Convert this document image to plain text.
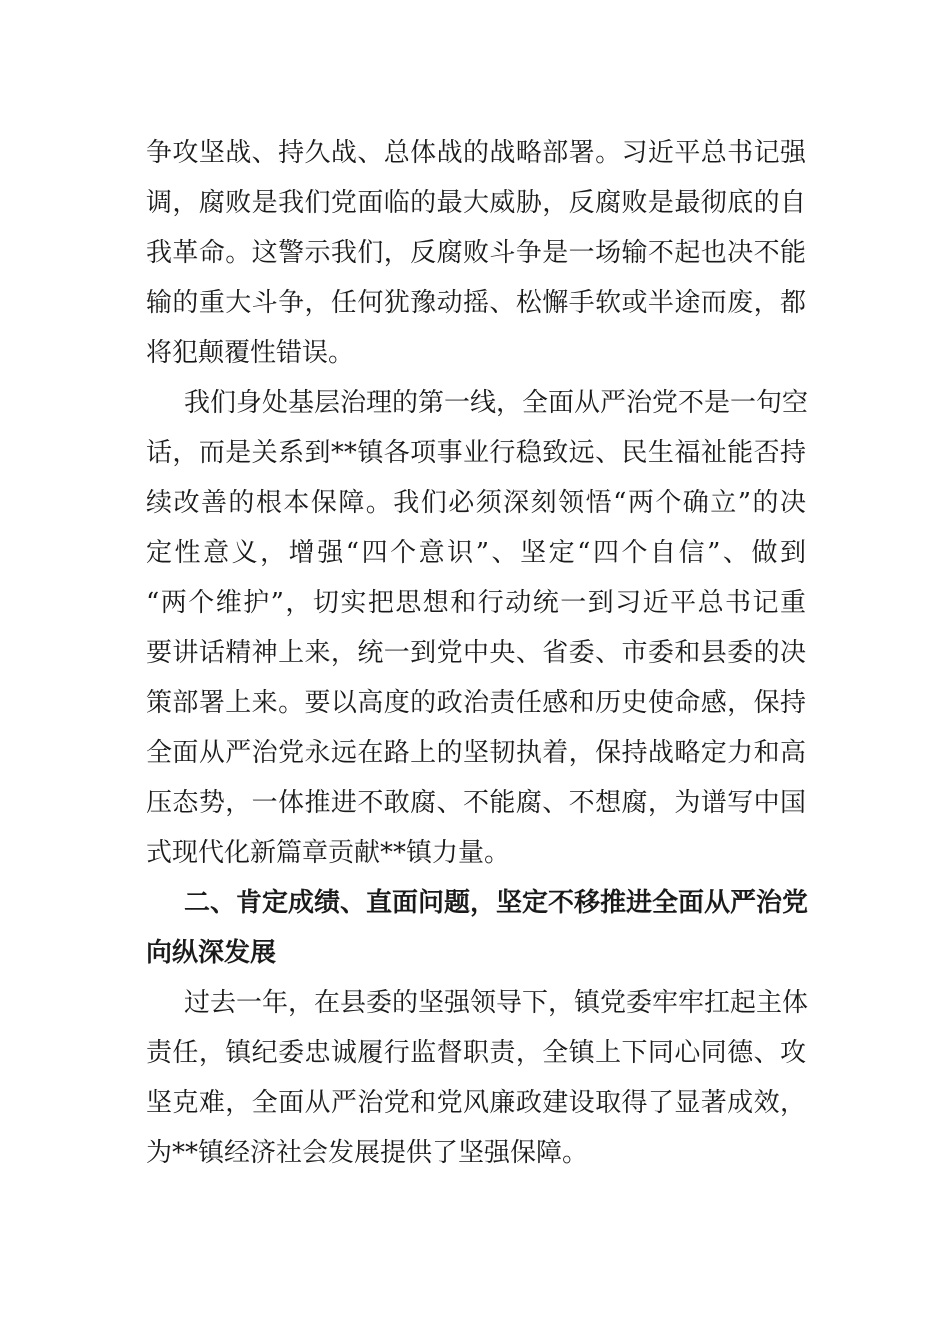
争攻坚战、持久战、总体战的战略部署。习近平总书记强
调，腐败是我们党面临的最大威胁，反腐败是最彻底的自
我革命。这警示我们，反腐败斗争是一场输不起也决不能
输的重大斗争，任何犹豫动摇、松懈手软或半途而废，都
将犯颠覆性错误。
我们身处基层治理的第一线，全面从严治党不是一句空
话，而是关系到**镇各项事业行稳致远、民生福祉能否持
续改善的根本保障。我们必须深刻领悟“两个确立”的决
定性意义，增强“四个意识”、坚定“四个自信”、做到
“两个维护”，切实把思想和行动统一到习近平总书记重
要讲话精神上来，统一到党中央、省委、市委和县委的决
策部署上来。要以高度的政治责任感和历史使命感，保持
全面从严治党永远在路上的坚韧执着，保持战略定力和高
压态势，一体推进不敢腐、不能腐、不想腐，为谱写中国
式现代化新篇章贡献**镇力量。
二、肯定成绩、直面问题，坚定不移推进全面从严治党
向纵深发展
过去一年，在县委的坚强领导下，镇党委牢牢扛起主体
责任，镇纪委忠诚履行监督职责，全镇上下同心同德、攻
坚克难，全面从严治党和党风廉政建设取得了显著成效，
为**镇经济社会发展提供了坚强保障。
